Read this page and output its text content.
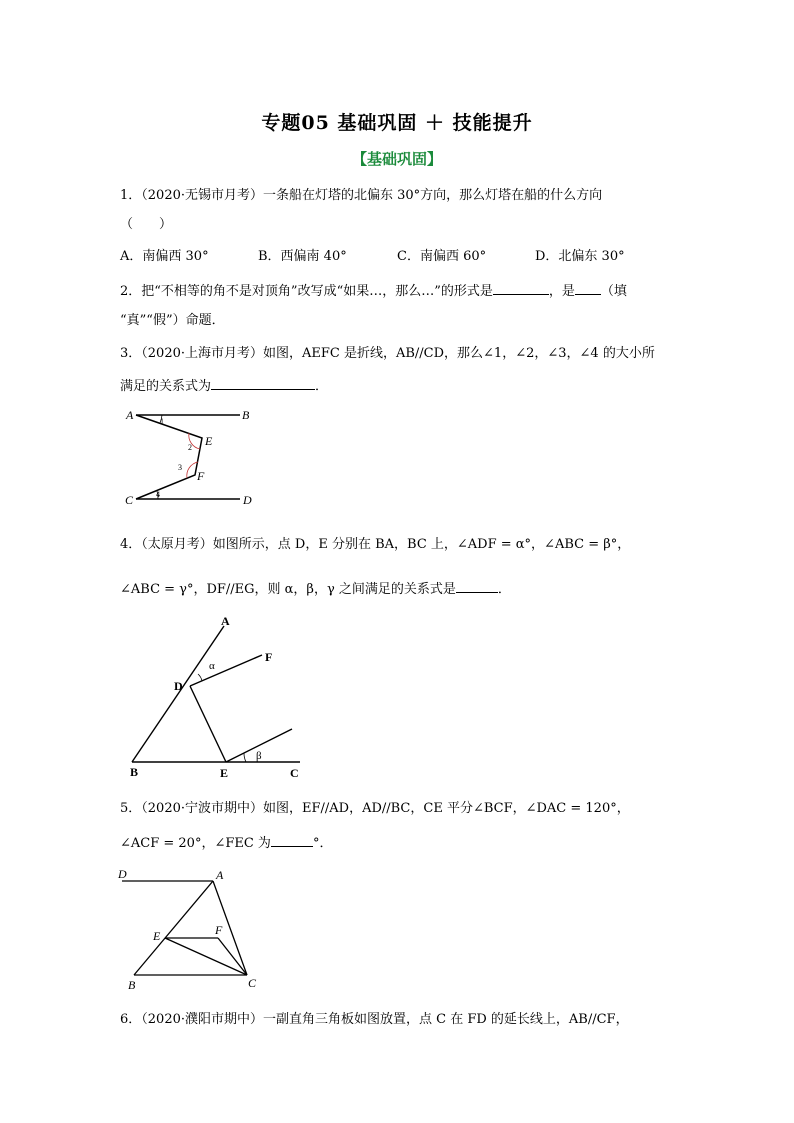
专题05 基础巩固 ＋ 技能提升
【基础巩固】
1．（2020·无锡市月考）一条船在灯塔的北偏东 30°方向，那么灯塔在船的什么方向
（　　）
A．南偏西 30°	B．西偏南 40°	C．南偏西 60°	D．北偏东 30°
2．把“不相等的角不是对顶角”改写成“如果…，那么…”的形式是	，是 （填
“真”“假”）命题．
3．（2020·上海市月考）如图，AEFC 是折线，AB//CD，那么∠1，∠2，∠3，∠4 的大小所
满足的关系式为	．
A	B
C	D
E
F
1
2
3
4
4．（太原月考）如图所示，点 D，E 分别在 BA，BC 上，∠ADF = α°，∠ABC = β°，
∠ABC = γ°，DF//EG，则 α，β，γ 之间满足的关系式是	．
A
F
D
B	E	C
α
β
5．（2020·宁波市期中）如图，EF//AD，AD//BC，CE 平分∠BCF，∠DAC = 120°，
∠ACF = 20°，∠FEC 为	°．
D	A
E	F
B	C
6．（2020·濮阳市期中）一副直角三角板如图放置，点 C 在 FD 的延长线上，AB//CF，
